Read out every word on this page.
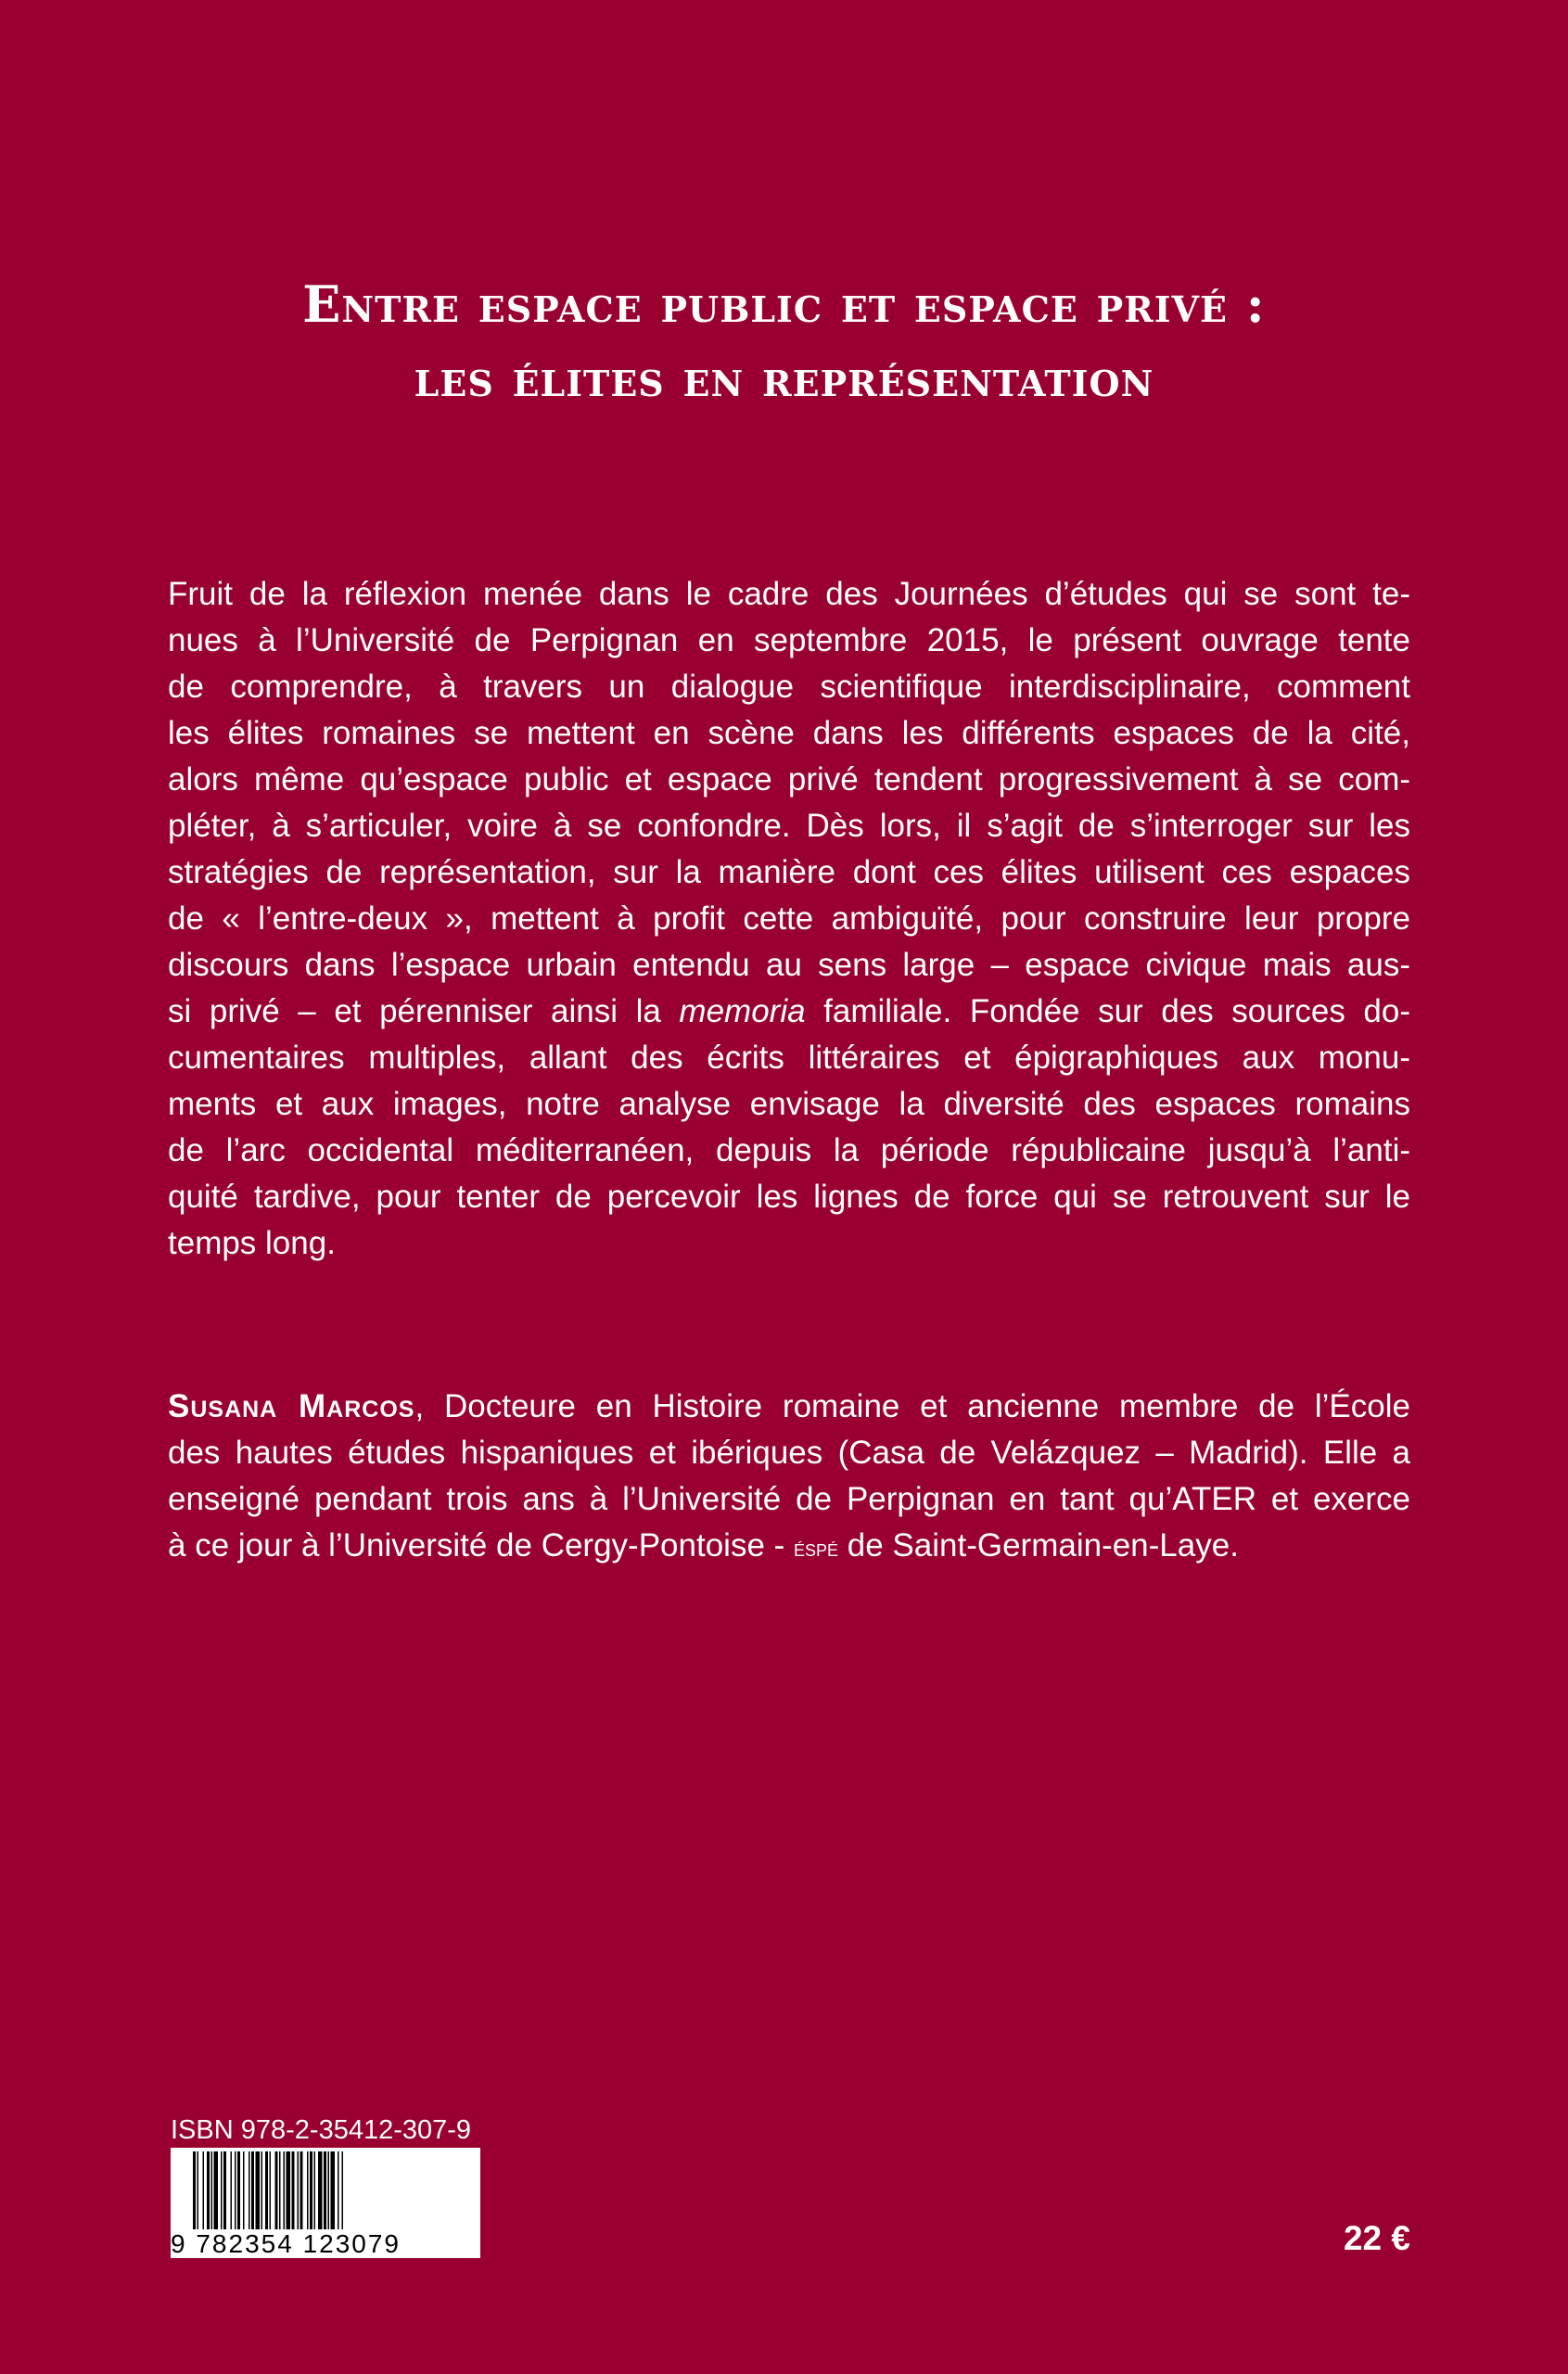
Entre espace public et espace privé :
les élites en représentation
Fruit de la réflexion menée dans le cadre des Journées d’études qui se sont te-
nues à l’Université de Perpignan en septembre 2015, le présent ouvrage tente
de comprendre, à travers un dialogue scientifique interdisciplinaire, comment
les élites romaines se mettent en scène dans les différents espaces de la cité,
alors même qu’espace public et espace privé tendent progressivement à se com-
pléter, à s’articuler, voire à se confondre. Dès lors, il s’agit de s’interroger sur les
stratégies de représentation, sur la manière dont ces élites utilisent ces espaces
de « l’entre-deux », mettent à profit cette ambiguïté, pour construire leur propre
discours dans l’espace urbain entendu au sens large – espace civique mais aus-
si privé – et pérenniser ainsi la memoria familiale. Fondée sur des sources do-
cumentaires multiples, allant des écrits littéraires et épigraphiques aux monu-
ments et aux images, notre analyse envisage la diversité des espaces romains
de l’arc occidental méditerranéen, depuis la période républicaine jusqu’à l’anti-
quité tardive, pour tenter de percevoir les lignes de force qui se retrouvent sur le
temps long.
Susana Marcos, Docteure en Histoire romaine et ancienne membre de l’École
des hautes études hispaniques et ibériques (Casa de Velázquez – Madrid). Elle a
enseigné pendant trois ans à l’Université de Perpignan en tant qu’ATER et exerce
à ce jour à l’Université de Cergy-Pontoise - éspé de Saint-Germain-en-Laye.
ISBN 978-2-35412-307-9
9 782354 123079	22 €
